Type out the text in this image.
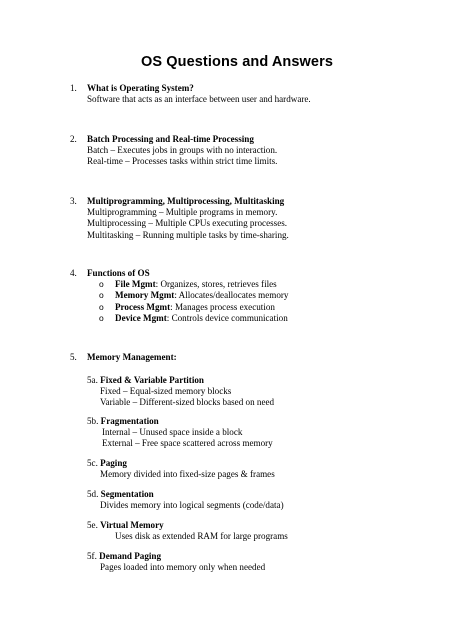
OS Questions and Answers
1. What is Operating System?
Software that acts as an interface between user and hardware.
2. Batch Processing and Real-time Processing
Batch – Executes jobs in groups with no interaction.
Real-time – Processes tasks within strict time limits.
3. Multiprogramming, Multiprocessing, Multitasking
Multiprogramming – Multiple programs in memory.
Multiprocessing – Multiple CPUs executing processes.
Multitasking – Running multiple tasks by time-sharing.
4. Functions of OS
o File Mgmt: Organizes, stores, retrieves files
o Memory Mgmt: Allocates/deallocates memory
o Process Mgmt: Manages process execution
o Device Mgmt: Controls device communication
5. Memory Management:
5a. Fixed & Variable Partition
Fixed – Equal-sized memory blocks
Variable – Different-sized blocks based on need
5b. Fragmentation
Internal – Unused space inside a block
External – Free space scattered across memory
5c. Paging
Memory divided into fixed-size pages & frames
5d. Segmentation
Divides memory into logical segments (code/data)
5e. Virtual Memory
Uses disk as extended RAM for large programs
5f. Demand Paging
Pages loaded into memory only when needed
